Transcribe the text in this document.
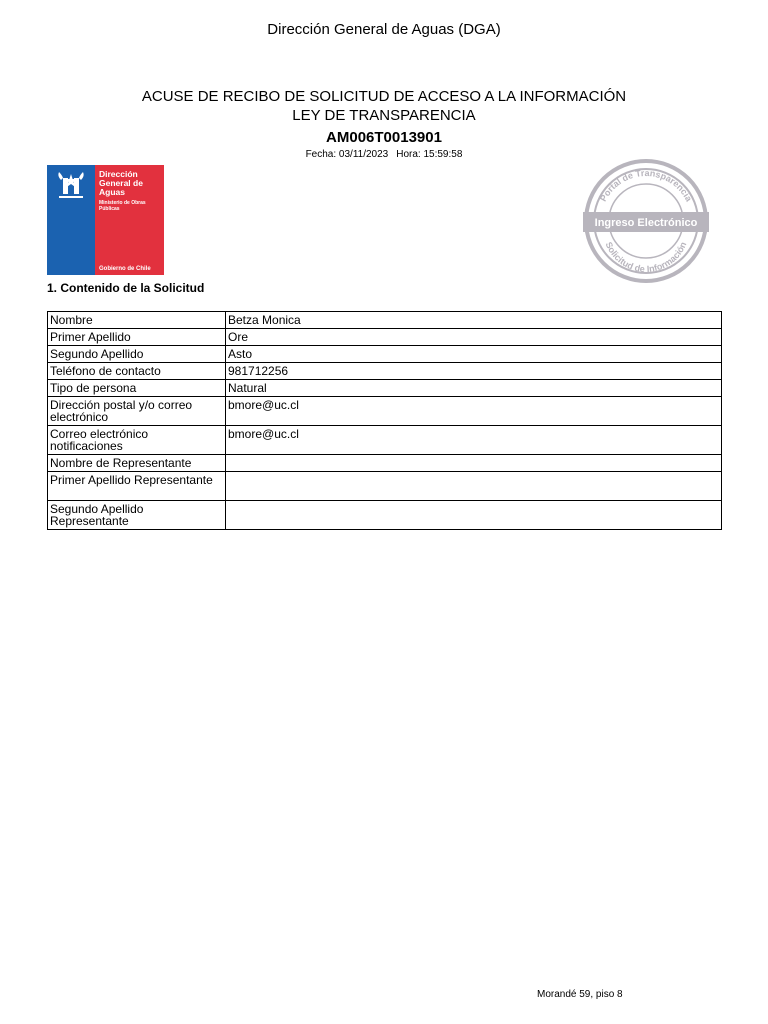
Dirección General de Aguas (DGA)
ACUSE DE RECIBO DE SOLICITUD DE ACCESO A LA INFORMACIÓN
LEY DE TRANSPARENCIA
AM006T0013901
Fecha: 03/11/2023 Hora: 15:59:58
Dirección
General de
Aguas
Ministerio de Obras
Públicas
Gobierno de Chile
Ingreso Electrónico
Portal de Transparencia
Solicitud de Información
1. Contenido de la Solicitud
Nombre	Betza Monica
Primer Apellido	Ore
Segundo Apellido	Asto
Teléfono de contacto	981712256
Tipo de persona	Natural
Dirección postal y/o correo electrónico	bmore@uc.cl
Correo electrónico notificaciones	bmore@uc.cl
Nombre de Representante	
Primer Apellido Representante	
Segundo Apellido Representante	
Morandé 59, piso 8
